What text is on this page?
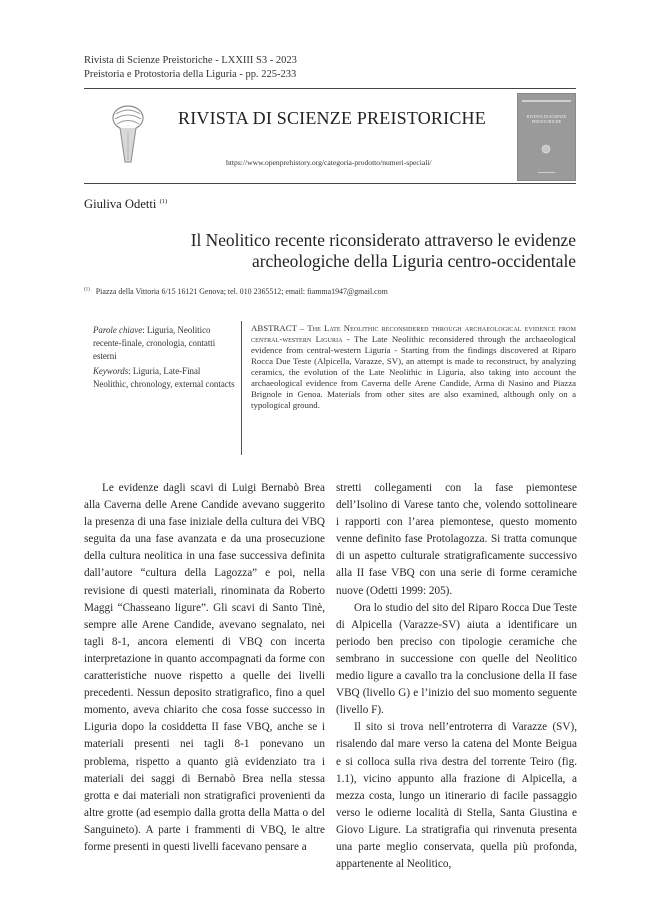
Rivista di Scienze Preistoriche - LXXIII S3 - 2023
Preistoria e Protostoria della Liguria - pp. 225-233
RIVISTA DI SCIENZE PREISTORICHE
https://www.openprehistory.org/categoria-prodotto/numeri-speciali/
RIVISTA DI SCIENZE PREISTORICHE
Giuliva Odetti $^{(1)}$
Il Neolitico recente riconsiderato attraverso le evidenze
archeologiche della Liguria centro-occidentale
$^{(1)}$ Piazza della Vittoria 6/15 16121 Genova; tel. 010 2365512; email: fiamma1947@gmail.com

Parole chiave: Liguria, Neolitico recente-finale, cronologia, contatti esterni

Keywords: Liguria, Late-Final Neolithic, chronology, external contacts

ABSTRACT – The Late Neolithic reconsidered through archaeological evidence from central-western Liguria - The Late Neolithic reconsidered through the archaeological evidence from central-western Liguria - Starting from the findings discovered at Riparo Rocca Due Teste (Alpicella, Varazze, SV), an attempt is made to reconstruct, by analyzing ceramics, the evolution of the Late Neolithic in Liguria, also taking into account the archaeological evidence from Caverna delle Arene Candide, Arma di Nasino and Piazza Brignole in Genoa. Materials from other sites are also examined, although only on a typological ground.

Le evidenze dagli scavi di Luigi Bernabò Brea alla Caverna delle Arene Candide avevano suggerito la presenza di una fase iniziale della cultura dei VBQ seguita da una fase avanzata e da una prosecuzione della cultura neolitica in una fase successiva definita dall’autore “cultura della Lagozza” e poi, nella revisione di questi materiali, rinominata da Roberto Maggi “Chasseano ligure”. Gli scavi di Santo Tinè, sempre alle Arene Candide, avevano segnalato, nei tagli 8-1, ancora elementi di VBQ con incerta interpretazione in quanto accompagnati da forme con caratteristiche nuove rispetto a quelle dei livelli precedenti. Nessun deposito stratigrafico, fino a quel momento, aveva chiarito che cosa fosse successo in Liguria dopo la cosiddetta II fase VBQ, anche se i materiali presenti nei tagli 8-1 ponevano un problema, rispetto a quanto già evidenziato tra i materiali dei saggi di Bernabò Brea nella stessa grotta e dai materiali non stratigrafici provenienti da altre grotte (ad esempio dalla grotta della Matta o del Sanguineto). A parte i frammenti di VBQ, le altre forme presenti in questi livelli facevano pensare a

stretti collegamenti con la fase piemontese dell’Isolino di Varese tanto che, volendo sottolineare i rapporti con l’area piemontese, questo momento venne definito fase Protolagozza. Si tratta comunque di un aspetto culturale stratigraficamente successivo alla II fase VBQ con una serie di forme ceramiche nuove (Odetti 1999: 205).

Ora lo studio del sito del Riparo Rocca Due Teste di Alpicella (Varazze-SV) aiuta a identificare un periodo ben preciso con tipologie ceramiche che sembrano in successione con quelle del Neolitico medio ligure a cavallo tra la conclusione della II fase VBQ (livello G) e l’inizio del suo momento seguente (livello F).

Il sito si trova nell’entroterra di Varazze (SV), risalendo dal mare verso la catena del Monte Beigua e si colloca sulla riva destra del torrente Teiro (fig. 1.1), vicino appunto alla frazione di Alpicella, a mezza costa, lungo un itinerario di facile passaggio verso le odierne località di Stella, Santa Giustina e Giovo Ligure. La stratigrafia qui rinvenuta presenta una parte meglio conservata, quella più profonda, appartenente al Neolitico,
